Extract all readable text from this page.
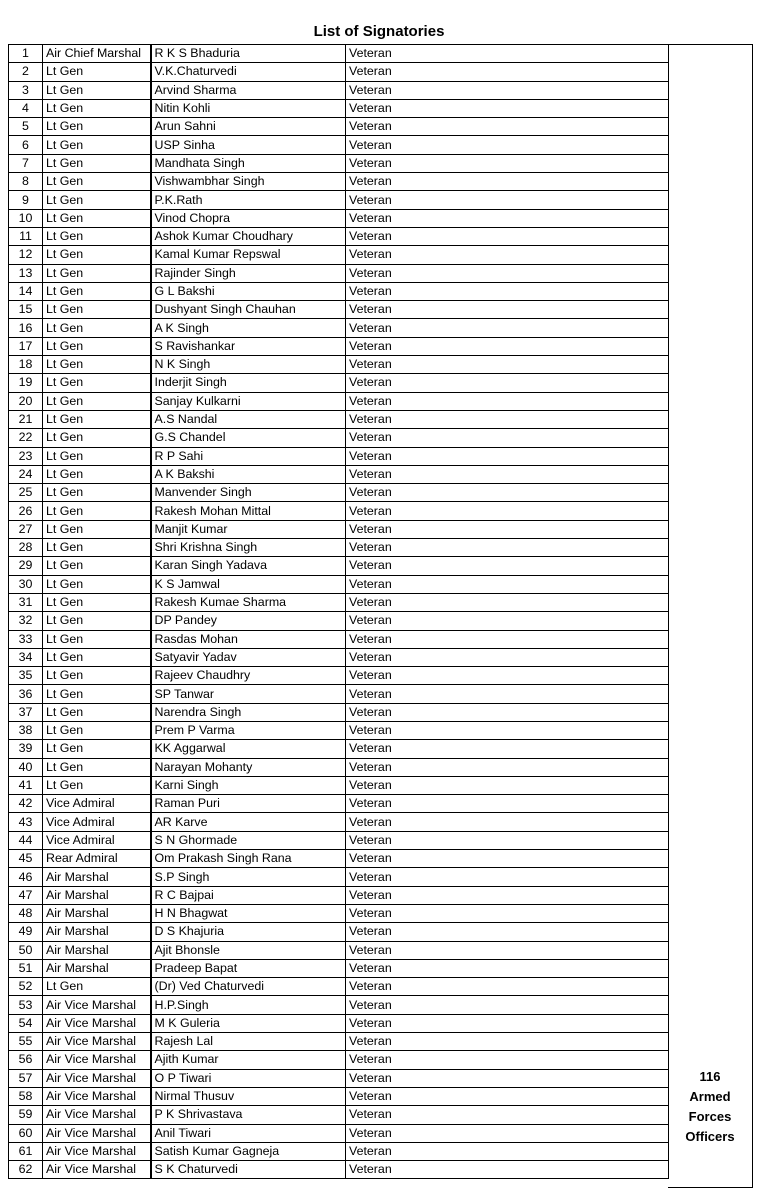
List of Signatories
1	Air Chief Marshal	R K S Bhaduria	Veteran
2	Lt Gen	V.K.Chaturvedi	Veteran
3	Lt Gen	Arvind Sharma	Veteran
4	Lt Gen	Nitin Kohli	Veteran
5	Lt Gen	Arun Sahni	Veteran
6	Lt Gen	USP Sinha	Veteran
7	Lt Gen	Mandhata Singh	Veteran
8	Lt Gen	Vishwambhar Singh	Veteran
9	Lt Gen	P.K.Rath	Veteran
10	Lt Gen	Vinod Chopra	Veteran
11	Lt Gen	Ashok Kumar Choudhary	Veteran
12	Lt Gen	Kamal Kumar Repswal	Veteran
13	Lt Gen	Rajinder Singh	Veteran
14	Lt Gen	G L Bakshi	Veteran
15	Lt Gen	Dushyant Singh Chauhan	Veteran
16	Lt Gen	A K Singh	Veteran
17	Lt Gen	S Ravishankar	Veteran
18	Lt Gen	N K Singh	Veteran
19	Lt Gen	Inderjit Singh	Veteran
20	Lt Gen	Sanjay Kulkarni	Veteran
21	Lt Gen	A.S Nandal	Veteran
22	Lt Gen	G.S Chandel	Veteran
23	Lt Gen	R P Sahi	Veteran
24	Lt Gen	A K Bakshi	Veteran
25	Lt Gen	Manvender Singh	Veteran
26	Lt Gen	Rakesh Mohan Mittal	Veteran
27	Lt Gen	Manjit Kumar	Veteran
28	Lt Gen	Shri Krishna Singh	Veteran
29	Lt Gen	Karan Singh Yadava	Veteran
30	Lt Gen	K S Jamwal	Veteran
31	Lt Gen	Rakesh Kumae Sharma	Veteran
32	Lt Gen	DP Pandey	Veteran
33	Lt Gen	Rasdas Mohan	Veteran
34	Lt Gen	Satyavir Yadav	Veteran
35	Lt Gen	Rajeev Chaudhry	Veteran
36	Lt Gen	SP Tanwar	Veteran
37	Lt Gen	Narendra Singh	Veteran
38	Lt Gen	Prem P Varma	Veteran
39	Lt Gen	KK Aggarwal	Veteran
40	Lt Gen	Narayan Mohanty	Veteran
41	Lt Gen	Karni Singh	Veteran
42	Vice Admiral	Raman Puri	Veteran
43	Vice Admiral	AR Karve	Veteran
44	Vice Admiral	S N Ghormade	Veteran
45	Rear Admiral	Om Prakash Singh Rana	Veteran
46	Air Marshal	S.P Singh	Veteran
47	Air Marshal	R C Bajpai	Veteran
48	Air Marshal	H N Bhagwat	Veteran
49	Air Marshal	D S Khajuria	Veteran
50	Air Marshal	Ajit Bhonsle	Veteran
51	Air Marshal	Pradeep Bapat	Veteran
52	Lt Gen	(Dr) Ved Chaturvedi	Veteran
53	Air Vice Marshal	H.P.Singh	Veteran
54	Air Vice Marshal	M K Guleria	Veteran
55	Air Vice Marshal	Rajesh Lal	Veteran
56	Air Vice Marshal	Ajith Kumar	Veteran
57	Air Vice Marshal	O P Tiwari	Veteran
58	Air Vice Marshal	Nirmal Thusuv	Veteran
59	Air Vice Marshal	P K Shrivastava	Veteran
60	Air Vice Marshal	Anil Tiwari	Veteran
61	Air Vice Marshal	Satish Kumar Gagneja	Veteran
62	Air Vice Marshal	S K Chaturvedi	Veteran
116
Armed
Forces
Officers
